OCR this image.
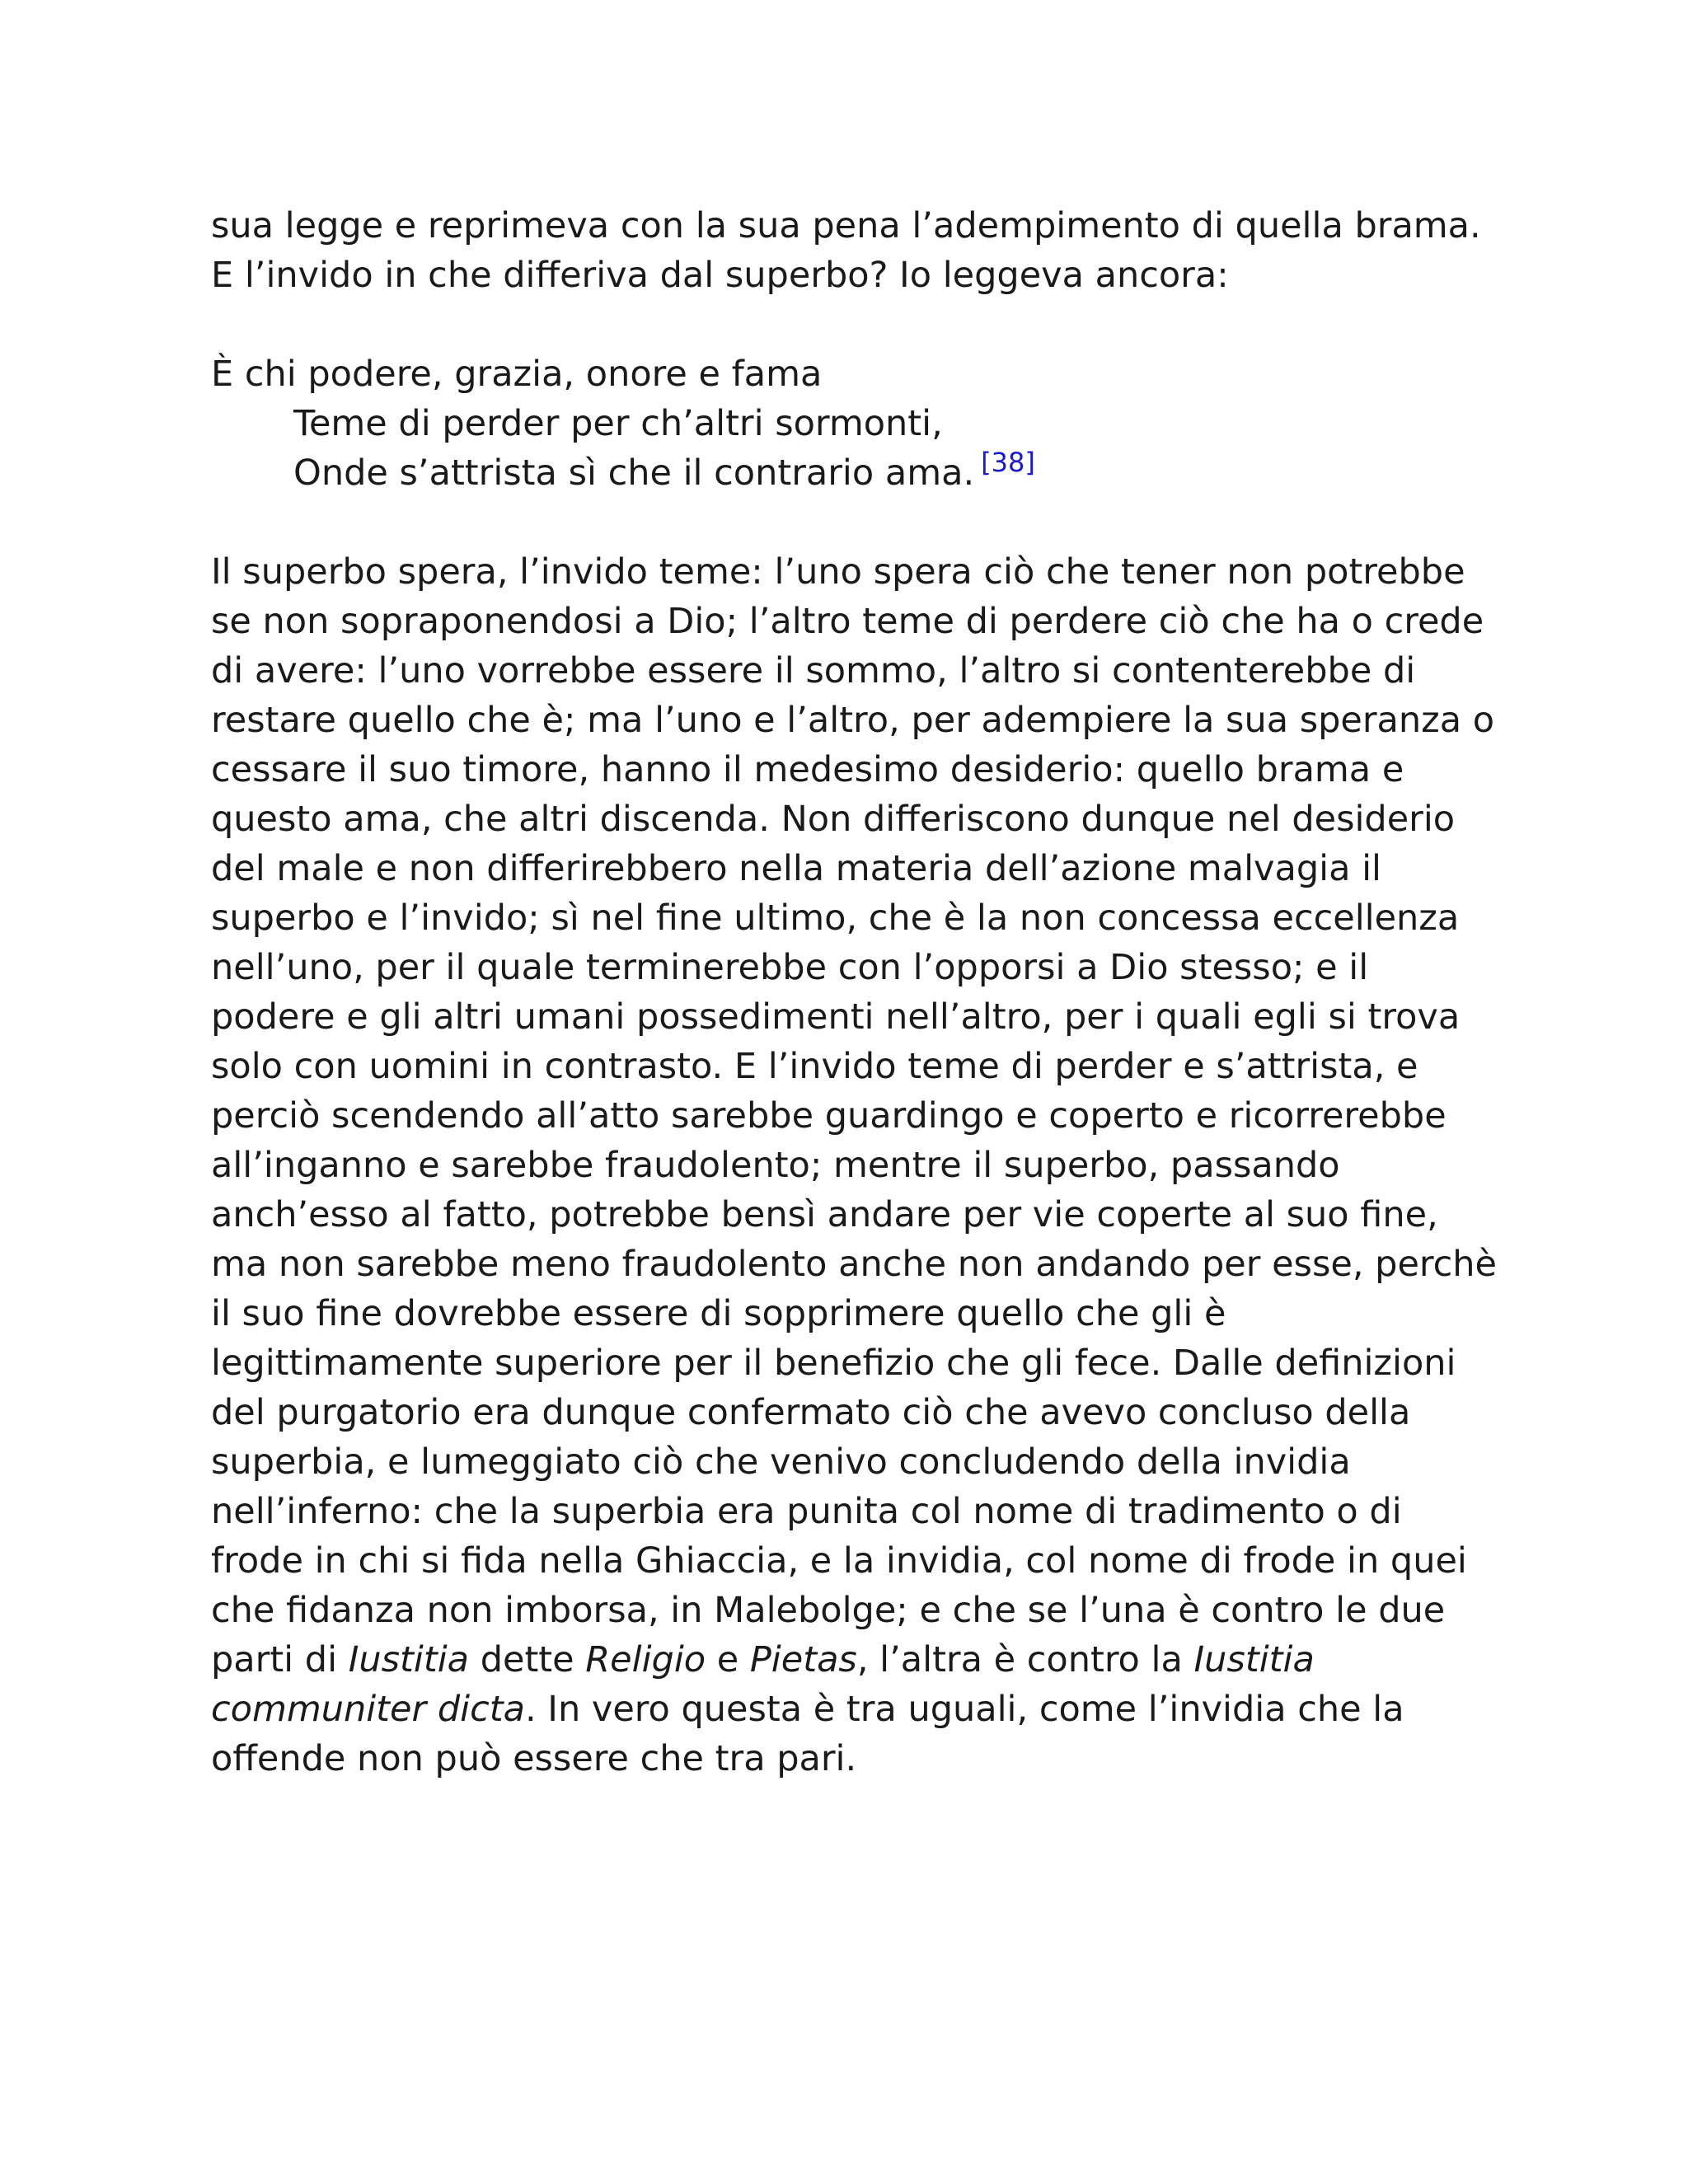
sua legge e reprimeva con la sua pena l’adempimento di quella brama. E l’invido in che differiva dal superbo? Io leggeva ancora:

È chi podere, grazia, onore e fama
Teme di perder per ch’altri sormonti,
Onde s’attrista sì che il contrario ama. [38]

Il superbo spera, l’invido teme: l’uno spera ciò che tener non potrebbe se non sopraponendosi a Dio; l’altro teme di perdere ciò che ha o crede di avere: l’uno vorrebbe essere il sommo, l’altro si contenterebbe di restare quello che è; ma l’uno e l’altro, per adempiere la sua speranza o cessare il suo timore, hanno il medesimo desiderio: quello brama e questo ama, che altri discenda. Non differiscono dunque nel desiderio del male e non differirebbero nella materia dell’azione malvagia il superbo e l’invido; sì nel fine ultimo, che è la non concessa eccellenza nell’uno, per il quale terminerebbe con l’opporsi a Dio stesso; e il podere e gli altri umani possedimenti nell’altro, per i quali egli si trova solo con uomini in contrasto. E l’invido teme di perder e s’attrista, e perciò scendendo all’atto sarebbe guardingo e coperto e ricorrerebbe all’inganno e sarebbe fraudolento; mentre il superbo, passando anch’esso al fatto, potrebbe bensì andare per vie coperte al suo fine, ma non sarebbe meno fraudolento anche non andando per esse, perchè il suo fine dovrebbe essere di sopprimere quello che gli è legittimamente superiore per il benefizio che gli fece. Dalle definizioni del purgatorio era dunque confermato ciò che avevo concluso della superbia, e lumeggiato ciò che venivo concludendo della invidia nell’inferno: che la superbia era punita col nome di tradimento o di frode in chi si fida nella Ghiaccia, e la invidia, col nome di frode in quei che fidanza non imborsa, in Malebolge; e che se l’una è contro le due parti di Iustitia dette Religio e Pietas, l’altra è contro la Iustitia communiter dicta. In vero questa è tra uguali, come l’invidia che la offende non può essere che tra pari.
